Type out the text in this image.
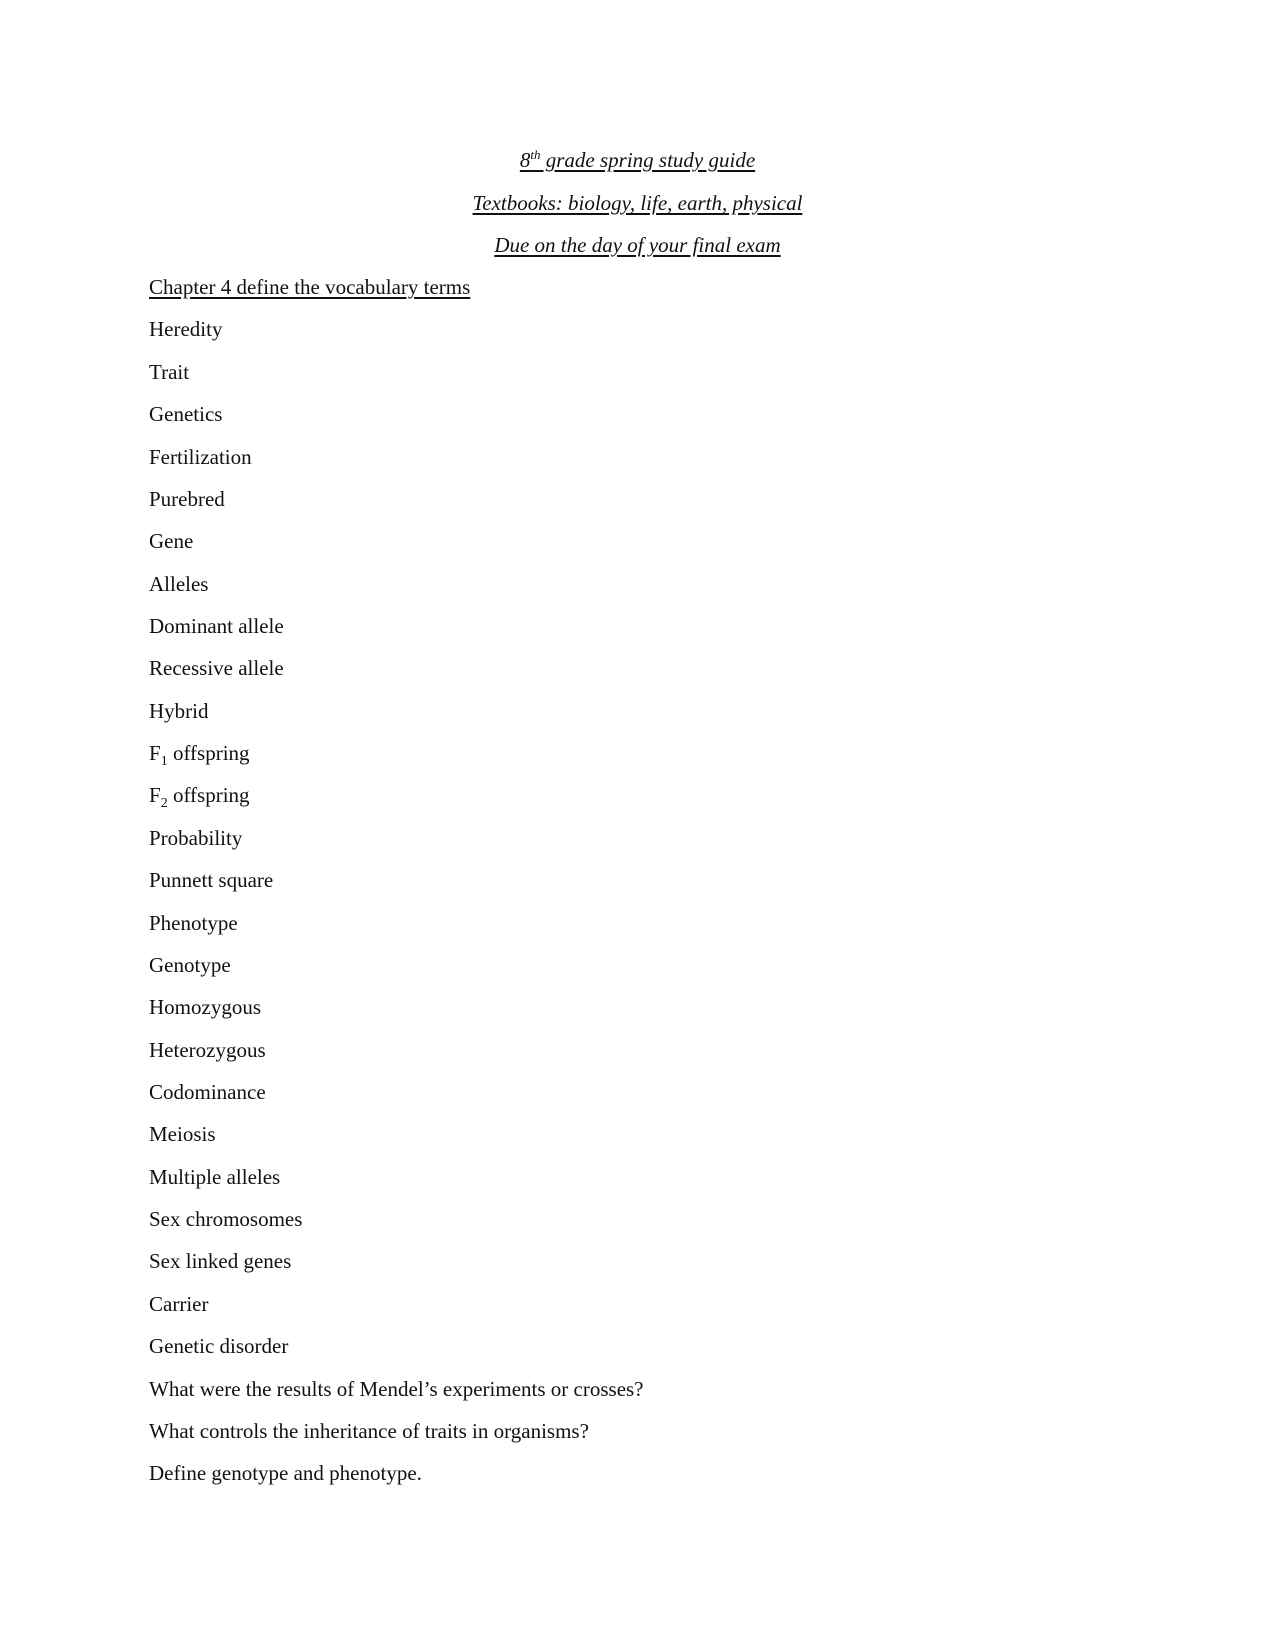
8th grade spring study guide
Textbooks: biology, life, earth, physical
Due on the day of your final exam
Chapter 4 define the vocabulary terms
Heredity
Trait
Genetics
Fertilization
Purebred
Gene
Alleles
Dominant allele
Recessive allele
Hybrid
$F_1$ offspring
$F_2$ offspring
Probability
Punnett square
Phenotype
Genotype
Homozygous
Heterozygous
Codominance
Meiosis
Multiple alleles
Sex chromosomes
Sex linked genes
Carrier
Genetic disorder
What were the results of Mendel’s experiments or crosses?
What controls the inheritance of traits in organisms?
Define genotype and phenotype.
